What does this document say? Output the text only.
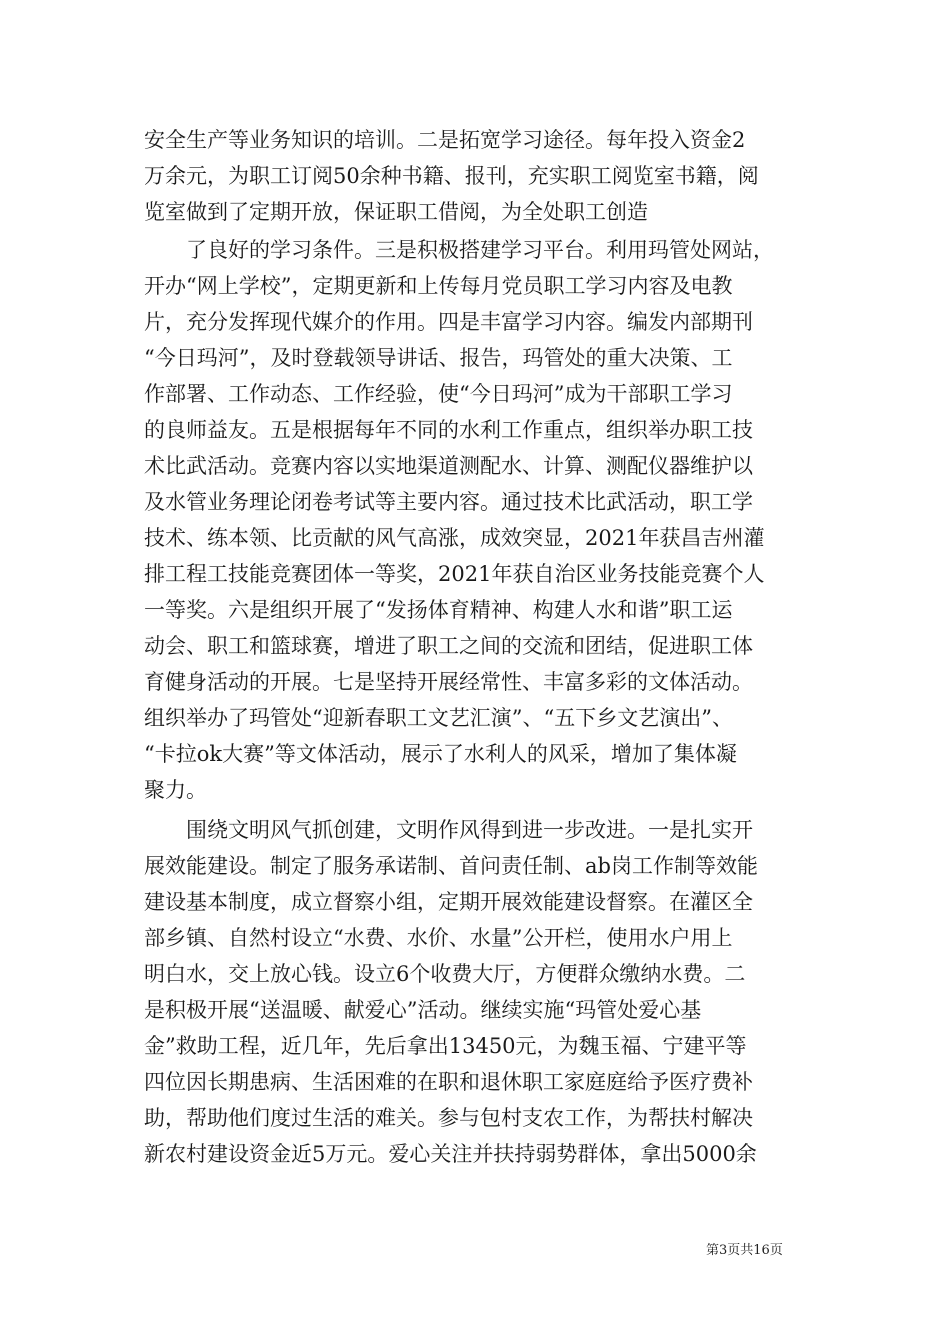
安全生产等业务知识的培训。二是拓宽学习途径。每年投入资金2
万余元，为职工订阅50余种书籍、报刊，充实职工阅览室书籍，阅
览室做到了定期开放，保证职工借阅，为全处职工创造
　　了良好的学习条件。三是积极搭建学习平台。利用玛管处网站，
开办“网上学校”，定期更新和上传每月党员职工学习内容及电教
片，充分发挥现代媒介的作用。四是丰富学习内容。编发内部期刊
“今日玛河”，及时登载领导讲话、报告，玛管处的重大决策、工
作部署、工作动态、工作经验，使“今日玛河”成为干部职工学习
的良师益友。五是根据每年不同的水利工作重点，组织举办职工技
术比武活动。竞赛内容以实地渠道测配水、计算、测配仪器维护以
及水管业务理论闭卷考试等主要内容。通过技术比武活动，职工学
技术、练本领、比贡献的风气高涨，成效突显，2021年获昌吉州灌
排工程工技能竞赛团体一等奖，2021年获自治区业务技能竞赛个人
一等奖。六是组织开展了“发扬体育精神、构建人水和谐”职工运
动会、职工和篮球赛，增进了职工之间的交流和团结，促进职工体
育健身活动的开展。七是坚持开展经常性、丰富多彩的文体活动。
组织举办了玛管处“迎新春职工文艺汇演”、“五下乡文艺演出”、
“卡拉ok大赛”等文体活动，展示了水利人的风采，增加了集体凝
聚力。
　　围绕文明风气抓创建，文明作风得到进一步改进。一是扎实开
展效能建设。制定了服务承诺制、首问责任制、ab岗工作制等效能
建设基本制度，成立督察小组，定期开展效能建设督察。在灌区全
部乡镇、自然村设立“水费、水价、水量”公开栏，使用水户用上
明白水，交上放心钱。设立6个收费大厅，方便群众缴纳水费。二
是积极开展“送温暖、献爱心”活动。继续实施“玛管处爱心基
金”救助工程，近几年，先后拿出13450元，为魏玉福、宁建平等
四位因长期患病、生活困难的在职和退休职工家庭庭给予医疗费补
助，帮助他们度过生活的难关。参与包村支农工作，为帮扶村解决
新农村建设资金近5万元。爱心关注并扶持弱势群体，拿出5000余
第3页共16页
